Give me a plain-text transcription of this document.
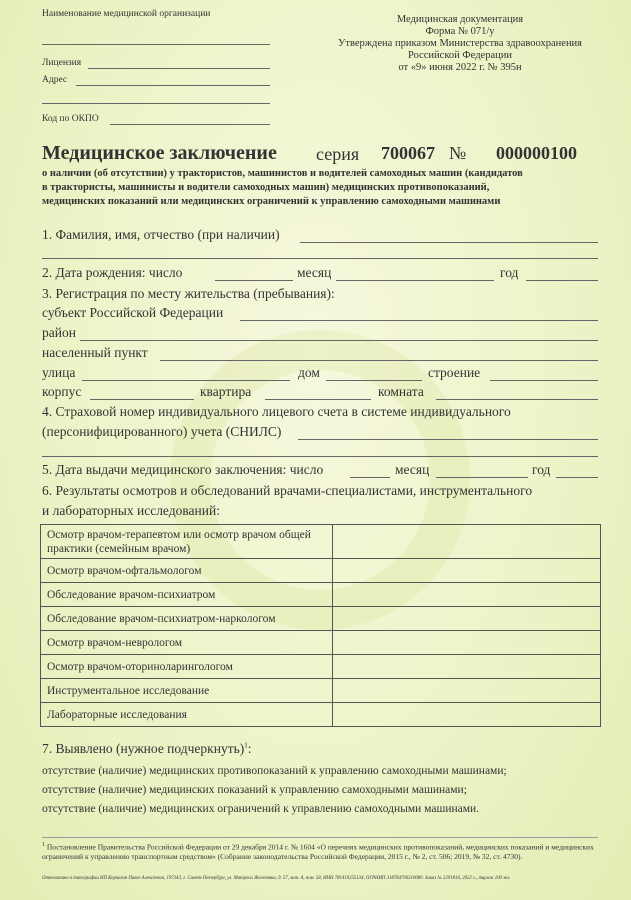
Наименование медицинской организации
Лицензия
Адрес
Код по ОКПО
Медицинская документация
Форма № 071/у
Утверждена приказом Министерства здравоохранения
Российской Федерации
от «9» июня 2022 г. № 395н
Медицинское заключение серия 700067 № 000000100
о наличии (об отсутствии) у трактористов, машинистов и водителей самоходных машин (кандидатов
в трактористы, машинисты и водители самоходных машин) медицинских противопоказаний,
медицинских показаний или медицинских ограничений к управлению самоходными машинами
1. Фамилия, имя, отчество (при наличии)
2. Дата рождения: число	месяц	год
3. Регистрация по месту жительства (пребывания):
субъект Российской Федерации
район
населенный пункт
улица	дом	строение
корпус	квартира	комната
4. Страховой номер индивидуального лицевого счета в системе индивидуального
(персонифицированного) учета (СНИЛС)
5. Дата выдачи медицинского заключения: число	месяц	год
6. Результаты осмотров и обследований врачами-специалистами, инструментального
и лабораторных исследований:
Осмотр врачом-терапевтом или осмотр врачом общей практики (семейным врачом)	
Осмотр врачом-офтальмологом	
Обследование врачом-психиатром	
Обследование врачом-психиатром-наркологом	
Осмотр врачом-неврологом	
Осмотр врачом-оториноларингологом	
Инструментальное исследование	
Лабораторные исследования	
7. Выявлено (нужное подчеркнуть)$^1$:
отсутствие (наличие) медицинских противопоказаний к управлению самоходными машинами;
отсутствие (наличие) медицинских показаний к управлению самоходными машинами;
отсутствие (наличие) медицинских ограничений к управлению самоходными машинами.
$^1$ Постановление Правительства Российской Федерации от 29 декабря 2014 г. № 1604 «О перечнях медицинских противопоказаний, медицинских показаний и медицинских ограничений к управлению транспортным средством» (Собрание законодательства Российской Федерации, 2015 г., № 2, ст. 506; 2019, № 32, ст. 4730).
Отпечатано в типографии ИП Корчагин Павел Алексеевич, 197343, г. Санкт-Петербург, ул. Матроса Железняка, д. 57, лит. А, пом. 58, ИНН 781419255134, ОГРНИП 318784700310080. Заказ № 2291816, 2022 г., тираж 100 экз.
